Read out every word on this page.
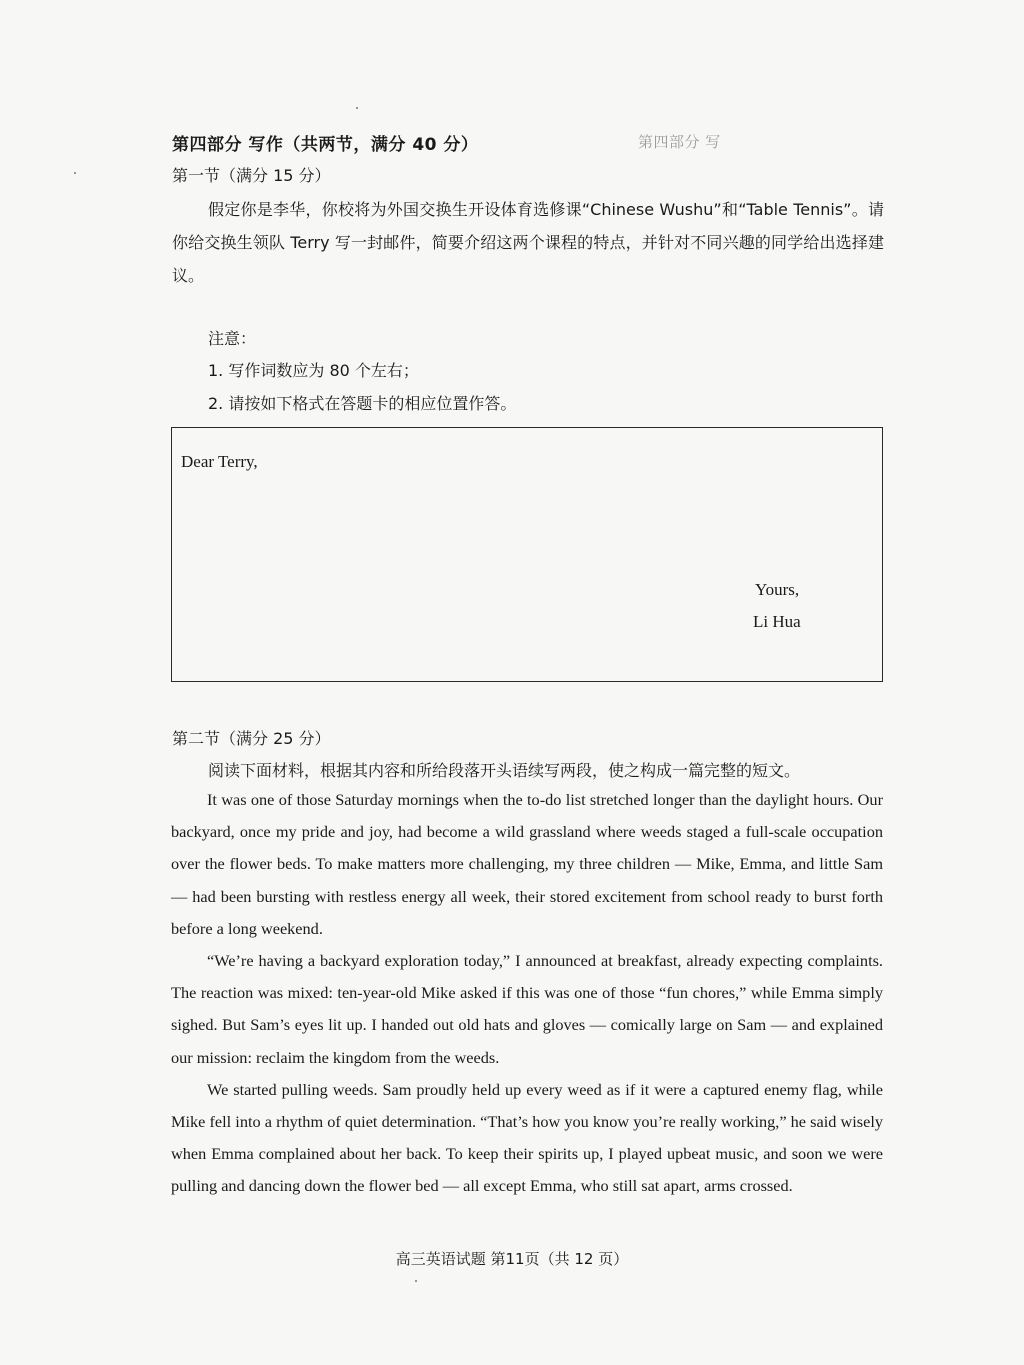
第四部分 写作（共两节，满分 40 分）	第四部分 写
第一节（满分 15 分）
假定你是李华，你校将为外国交换生开设体育选修课“Chinese Wushu”和“Table Tennis”。请你给交换生领队 Terry 写一封邮件，简要介绍这两个课程的特点，并针对不同兴趣的同学给出选择建议。
注意：
1. 写作词数应为 80 个左右；
2. 请按如下格式在答题卡的相应位置作答。
Dear Terry,
Yours,
Li Hua
第二节（满分 25 分）
阅读下面材料，根据其内容和所给段落开头语续写两段，使之构成一篇完整的短文。

It was one of those Saturday mornings when the to-do list stretched longer than the daylight hours. Our backyard, once my pride and joy, had become a wild grassland where weeds staged a full-scale occupation over the flower beds. To make matters more challenging, my three children — Mike, Emma, and little Sam — had been bursting with restless energy all week, their stored excitement from school ready to burst forth before a long weekend.

“We’re having a backyard exploration today,” I announced at breakfast, already expecting complaints. The reaction was mixed: ten-year-old Mike asked if this was one of those “fun chores,” while Emma simply sighed. But Sam’s eyes lit up. I handed out old hats and gloves — comically large on Sam — and explained our mission: reclaim the kingdom from the weeds.

We started pulling weeds. Sam proudly held up every weed as if it were a captured enemy flag, while Mike fell into a rhythm of quiet determination. “That’s how you know you’re really working,” he said wisely when Emma complained about her back. To keep their spirits up, I played upbeat music, and soon we were pulling and dancing down the flower bed — all except Emma, who still sat apart, arms crossed.

高三英语试题 第11页（共 12 页）
